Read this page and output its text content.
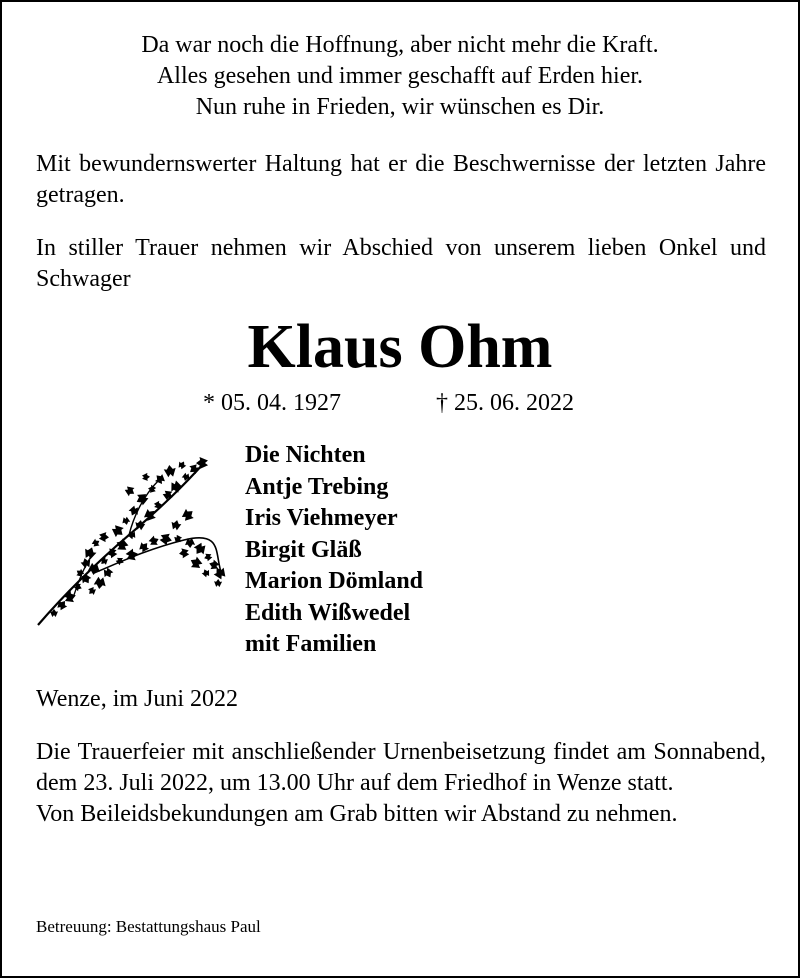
Da war noch die Hoffnung, aber nicht mehr die Kraft.
Alles gesehen und immer geschafft auf Erden hier.
Nun ruhe in Frieden, wir wünschen es Dir.
Mit bewundernswerter Haltung hat er die Beschwernisse der letzten Jahre getragen.
In stiller Trauer nehmen wir Abschied von unserem lieben Onkel und Schwager
Klaus Ohm
* 05. 04. 1927	† 25. 06. 2022
Die Nichten
Antje Trebing
Iris Viehmeyer
Birgit Gläß
Marion Dömland
Edith Wißwedel
mit Familien
Wenze, im Juni 2022
Die Trauerfeier mit anschließender Urnenbeisetzung findet am Sonnabend, dem 23. Juli 2022, um 13.00 Uhr auf dem Friedhof in Wenze statt.
Von Beileidsbekundungen am Grab bitten wir Abstand zu nehmen.
Betreuung: Bestattungshaus Paul
